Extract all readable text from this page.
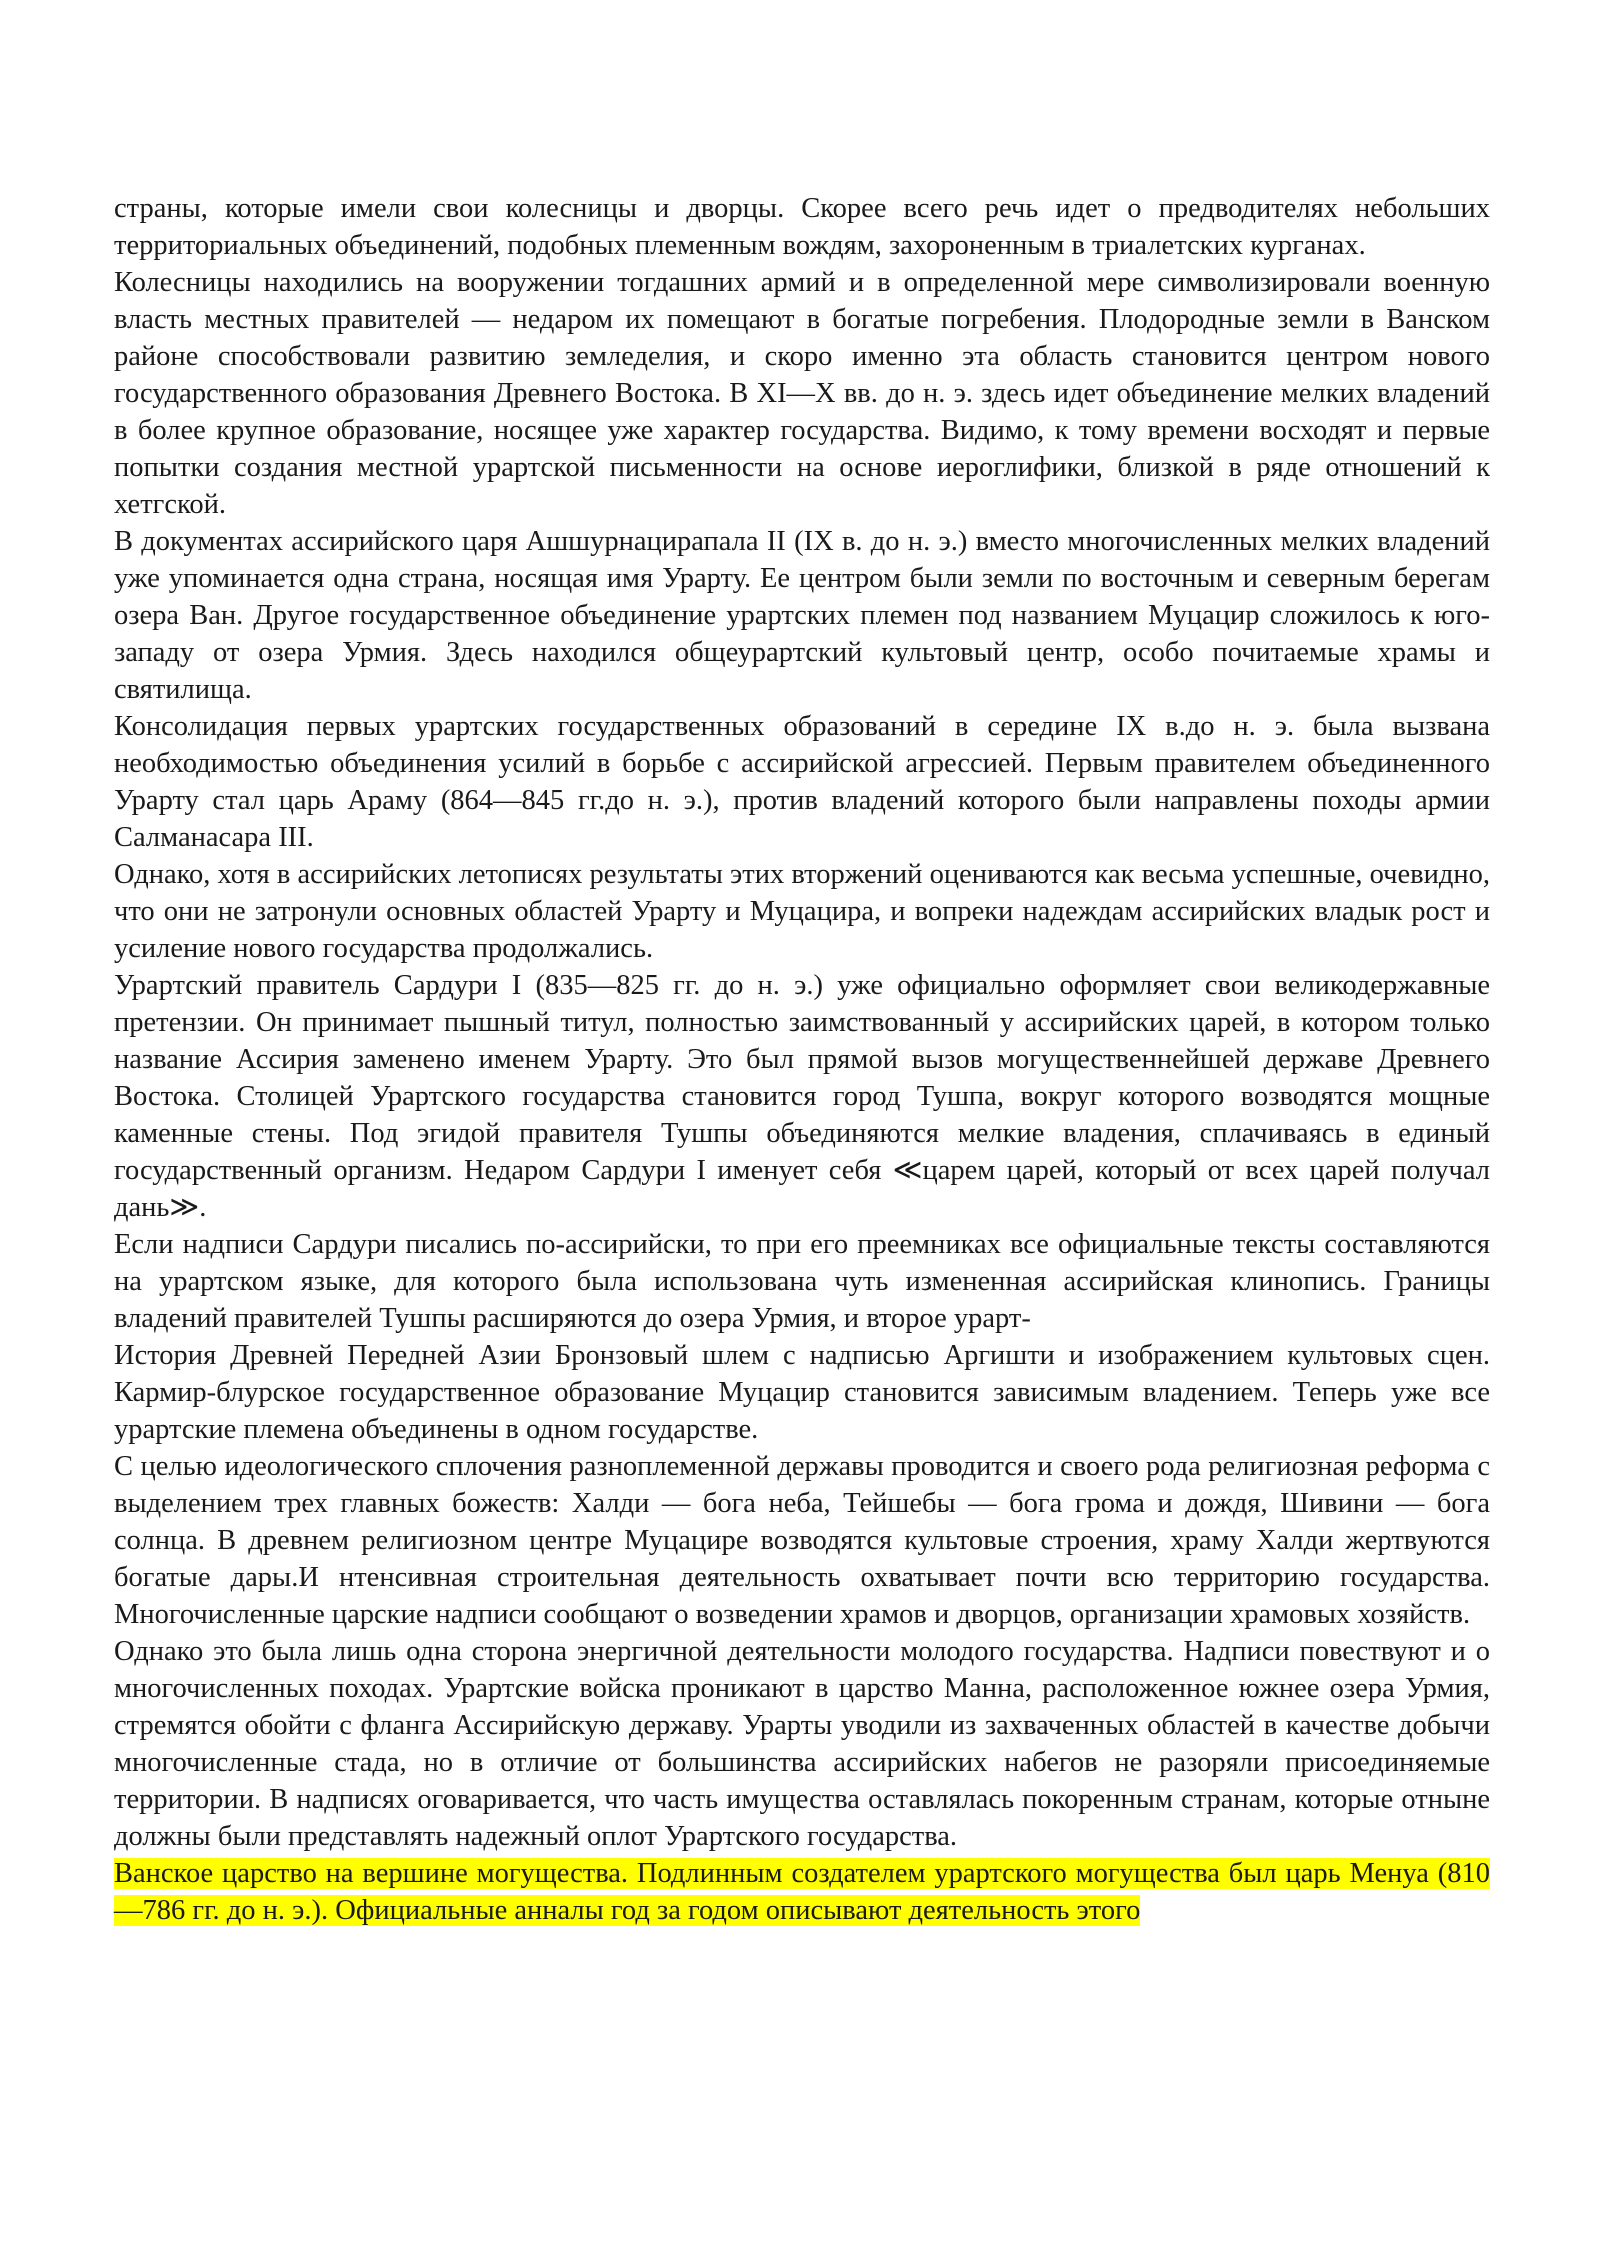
страны, которые имели свои колесницы и дворцы. Скорее всего речь идет о предводителях небольших территориальных объединений, подобных племенным вождям, захороненным в триалетских курганах.

Колесницы находились на вооружении тогдашних армий и в определенной мере символизировали военную власть местных правителей — недаром их помещают в богатые погребения. Плодородные земли в Ванском районе способствовали развитию земледелия, и скоро именно эта область становится центром нового государственного образования Древнего Востока. В XI—X вв. до н. э. здесь идет объединение мелких владений в более крупное образование, носящее уже характер государства. Видимо, к тому времени восходят и первые попытки создания местной урартской письменности на основе иероглифики, близкой в ряде отношений к хетгской.

В документах ассирийского царя Ашшурнацирапала II (IX в. до н. э.) вместо многочисленных мелких владений уже упоминается одна страна, носящая имя Урарту. Ее центром были земли по восточным и северным берегам озера Ван. Другое государственное объединение урартских племен под названием Муцацир сложилось к юго-западу от озера Урмия. Здесь находился общеурартский культовый центр, особо почитаемые храмы и святилища.

Консолидация первых урартских государственных образований в середине IX в.до н. э. была вызвана необходимостью объединения усилий в борьбе с ассирийской агрессией. Первым правителем объединенного Урарту стал царь Араму (864—845 гг.до н. э.), против владений которого были направлены походы армии Салманасара III.

Однако, хотя в ассирийских летописях результаты этих вторжений оцениваются как весьма успешные, очевидно, что они не затронули основных областей Урарту и Муцацира, и вопреки надеждам ассирийских владык рост и усиление нового государства продолжались.

Урартский правитель Сардури I (835—825 гг. до н. э.) уже официально оформляет свои великодержавные претензии. Он принимает пышный титул, полностью заимствованный у ассирийских царей, в котором только название Ассирия заменено именем Урарту. Это был прямой вызов могущественнейшей державе Древнего Востока. Столицей Урартского государства становится город Тушпа, вокруг которого возводятся мощные каменные стены. Под эгидой правителя Тушпы объединяются мелкие владения, сплачиваясь в единый государственный организм. Недаром Сардури I именует себя ≪царем царей, который от всех царей получал дань≫.

Если надписи Сардури писались по-ассирийски, то при его преемниках все официальные тексты составляются на урартском языке, для которого была использована чуть измененная ассирийская клинопись. Границы владений правителей Тушпы расширяются до озера Урмия, и второе урарт-

История Древней Передней Азии Бронзовый шлем с надписью Аргишти и изображением культовых сцен. Кармир-блурское государственное образование Муцацир становится зависимым владением. Теперь уже все урартские племена объединены в одном государстве.

С целью идеологического сплочения разноплеменной державы проводится и своего рода религиозная реформа с выделением трех главных божеств: Халди — бога неба, Тейшебы — бога грома и дождя, Шивини — бога солнца. В древнем религиозном центре Муцацире возводятся культовые строения, храму Халди жертвуются богатые дары.И нтенсивная строительная деятельность охватывает почти всю территорию государства. Многочисленные царские надписи сообщают о возведении храмов и дворцов, организации храмовых хозяйств.

Однако это была лишь одна сторона энергичной деятельности молодого государства. Надписи повествуют и о многочисленных походах. Урартские войска проникают в царство Манна, расположенное южнее озера Урмия, стремятся обойти с фланга Ассирийскую державу. Урарты уводили из захваченных областей в качестве добычи многочисленные стада, но в отличие от большинства ассирийских набегов не разоряли присоединяемые территории. В надписях оговаривается, что часть имущества оставлялась покоренным странам, которые отныне должны были представлять надежный оплот Урартского государства.

Ванское царство на вершине могущества. Подлинным создателем урартского могущества был царь Менуа (810—786 гг. до н. э.). Официальные анналы год за годом описывают деятельность этого
